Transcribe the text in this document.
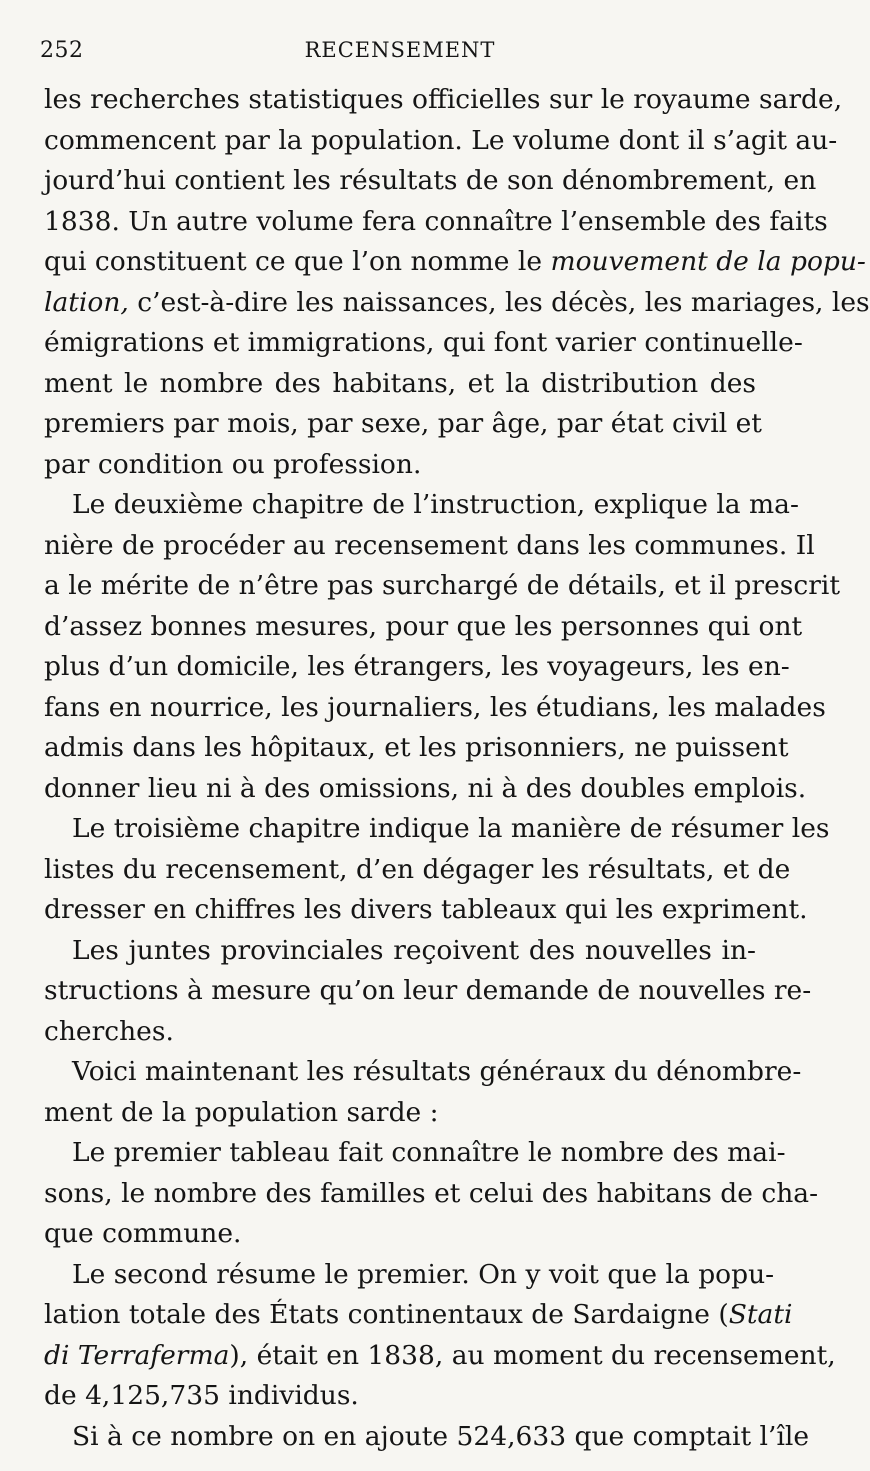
252	RECENSEMENT
les recherches statistiques officielles sur le royaume sarde,
commencent par la population. Le volume dont il s’agit au-
jourd’hui contient les résultats de son dénombrement, en
1838. Un autre volume fera connaître l’ensemble des faits
qui constituent ce que l’on nomme le mouvement de la popu-
lation, c’est-à-dire les naissances, les décès, les mariages, les
émigrations et immigrations, qui font varier continuelle-
ment le nombre des habitans, et la distribution des
premiers par mois, par sexe, par âge, par état civil et
par condition ou profession.
Le deuxième chapitre de l’instruction, explique la ma-
nière de procéder au recensement dans les communes. Il
a le mérite de n’être pas surchargé de détails, et il prescrit
d’assez bonnes mesures, pour que les personnes qui ont
plus d’un domicile, les étrangers, les voyageurs, les en-
fans en nourrice, les journaliers, les étudians, les malades
admis dans les hôpitaux, et les prisonniers, ne puissent
donner lieu ni à des omissions, ni à des doubles emplois.
Le troisième chapitre indique la manière de résumer les
listes du recensement, d’en dégager les résultats, et de
dresser en chiffres les divers tableaux qui les expriment.
Les juntes provinciales reçoivent des nouvelles in-
structions à mesure qu’on leur demande de nouvelles re-
cherches.
Voici maintenant les résultats généraux du dénombre-
ment de la population sarde :
Le premier tableau fait connaître le nombre des mai-
sons, le nombre des familles et celui des habitans de cha-
que commune.
Le second résume le premier. On y voit que la popu-
lation totale des États continentaux de Sardaigne (Stati
di Terraferma), était en 1838, au moment du recensement,
de 4,125,735 individus.
Si à ce nombre on en ajoute 524,633 que comptait l’île
